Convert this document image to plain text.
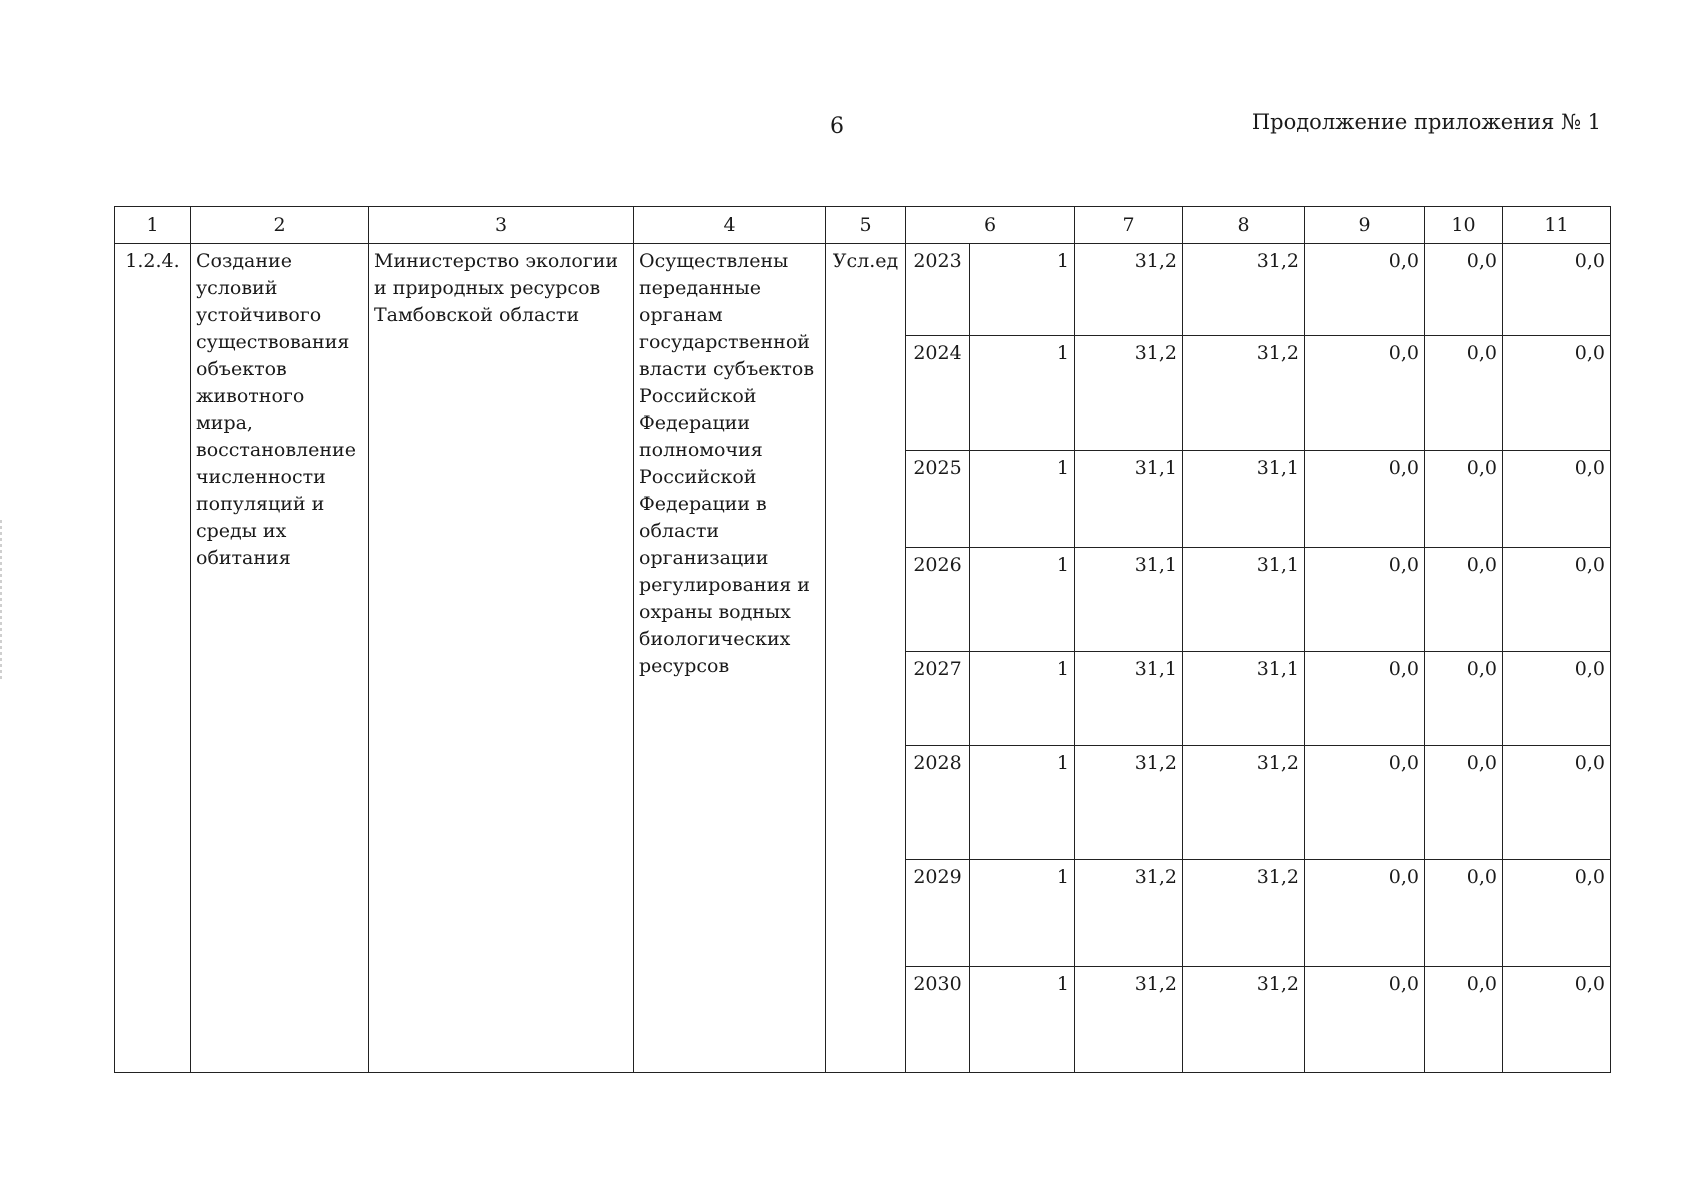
6	Продолжение приложения № 1
1	2	3	4	5	6		7	8	9	10	11
1.2.4.	Создание условий устойчивого существования объектов животного мира, восстановление численности популяций и среды их обитания	Министерство экологии и природных ресурсов Тамбовской области	Осуществлены переданные органам государственной власти субъектов Российской Федерации полномочия Российской Федерации в области организации регулирования и охраны водных биологических ресурсов	Усл.ед	2023	1	31,2	31,2	0,0	0,0	0,0
					2024	1	31,2	31,2	0,0	0,0	0,0
					2025	1	31,1	31,1	0,0	0,0	0,0
					2026	1	31,1	31,1	0,0	0,0	0,0
					2027	1	31,1	31,1	0,0	0,0	0,0
					2028	1	31,2	31,2	0,0	0,0	0,0
					2029	1	31,2	31,2	0,0	0,0	0,0
					2030	1	31,2	31,2	0,0	0,0	0,0
